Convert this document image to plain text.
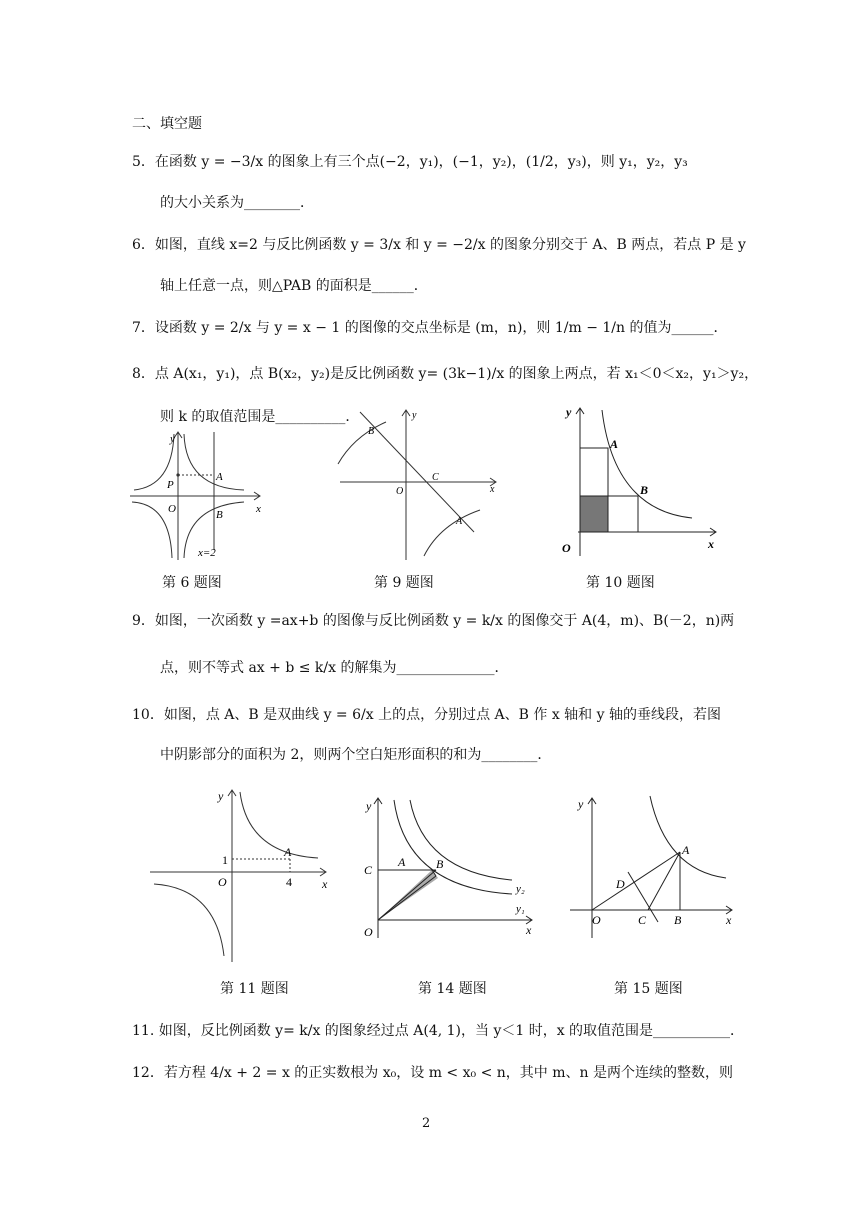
二、填空题
5．在函数 y = −3/x 的图象上有三个点(−2，y₁)，(−1，y₂)，(1/2，y₃)，则 y₁，y₂，y₃
的大小关系为________．
6．如图，直线 x=2 与反比例函数 y = 3/x 和 y = −2/x 的图象分别交于 A、B 两点，若点 P 是 y
轴上任意一点，则△PAB 的面积是______．
7．设函数 y = 2/x 与 y = x − 1 的图像的交点坐标是 (m，n)，则 1/m − 1/n 的值为______．
8．点 A(x₁，y₁)，点 B(x₂，y₂)是反比例函数 y= (3k−1)/x 的图象上两点，若 x₁＜0＜x₂，y₁＞y₂，
则 k 的取值范围是__________．
y
x
P
O
A
B
x=2
第 6 题图
y
x
O
B
C
A
第 9 题图
y
x
O
A
B
第 10 题图
9．如图，一次函数 y =ax+b 的图像与反比例函数 y = k/x 的图像交于 A(4，m)、B(－2，n)两
点，则不等式 ax + b ≤ k/x 的解集为______________．
10．如图，点 A、B 是双曲线 y = 6/x 上的点，分别过点 A、B 作 x 轴和 y 轴的垂线段，若图
中阴影部分的面积为 2，则两个空白矩形面积的和为________．
y
x
O
1
4
A
第 11 题图
y
x
O
C
A	B
y₂
y₁
第 14 题图
y
x
O
D
C B
A
第 15 题图
11. 如图，反比例函数 y= k/x 的图象经过点 A(4, 1)，当 y＜1 时，x 的取值范围是___________．
12．若方程 4/x + 2 = x 的正实数根为 x₀，设 m < x₀ < n，其中 m、n 是两个连续的整数，则
2
